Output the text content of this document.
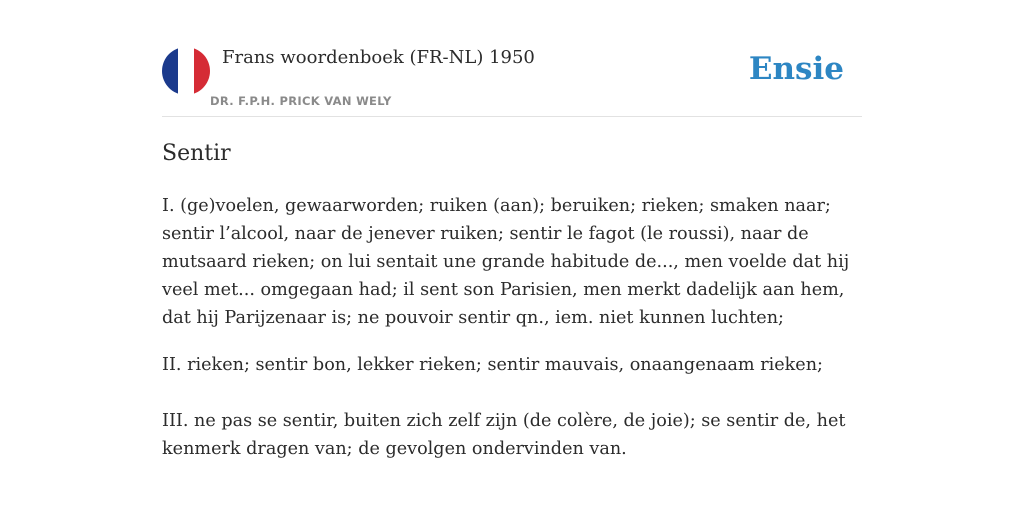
Frans woordenboek (FR-NL) 1950
DR. F.P.H. PRICK VAN WELY
Ensie
Sentir

I. (ge)voelen, gewaarworden; ruiken (aan); beruiken; rieken; smaken naar; sentir l’alcool, naar de jenever ruiken; sentir le fagot (le roussi), naar de mutsaard rieken; on lui sentait une grande habitude de..., men voelde dat hij veel met... omgegaan had; il sent son Parisien, men merkt dadelijk aan hem, dat hij Parijzenaar is; ne pouvoir sentir qn., iem. niet kunnen luchten;

II. rieken; sentir bon, lekker rieken; sentir mauvais, onaangenaam rieken;

III. ne pas se sentir, buiten zich zelf zijn (de colère, de joie); se sentir de, het kenmerk dragen van; de gevolgen ondervinden van.
